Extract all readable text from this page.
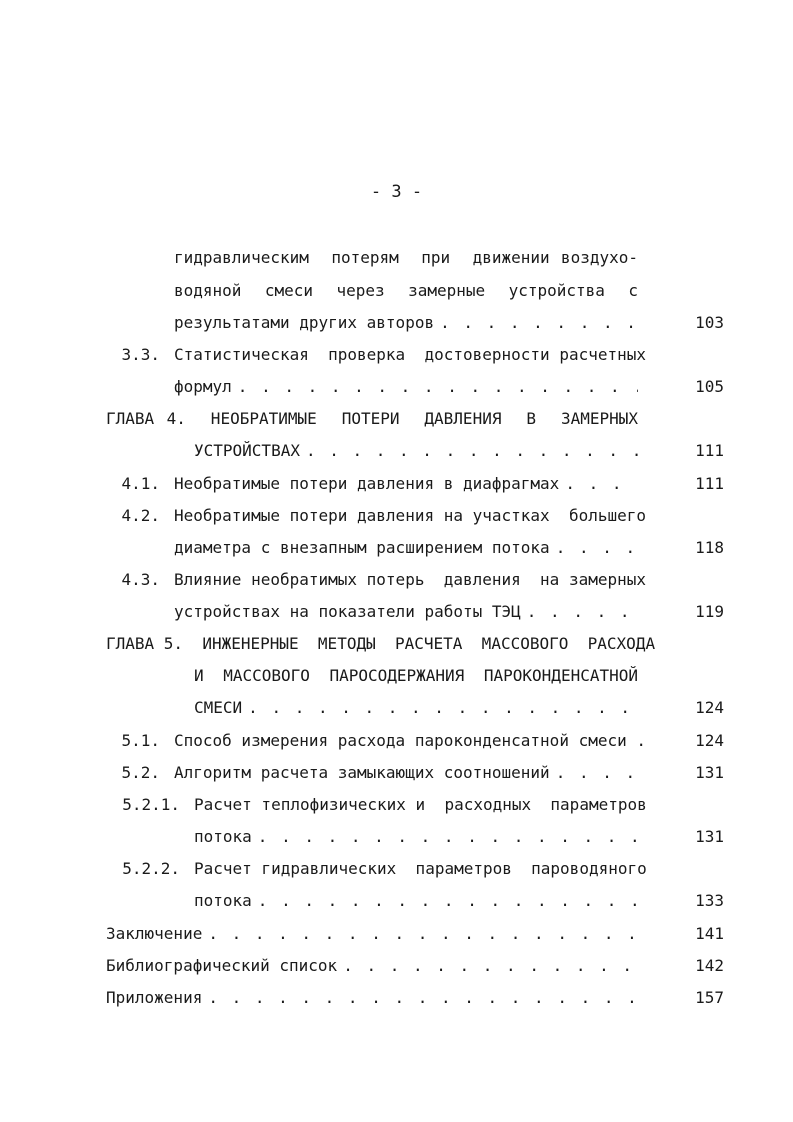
- 3 -
гидравлическим  потерям  при  движении воздухо-
водяной  смеси  через  замерные  устройства  с
результатами других авторов . . .	103
3.3. Статистическая  проверка  достоверности расчетных
формул . . .	105
ГЛАВА 4.  НЕОБРАТИМЫЕ  ПОТЕРИ  ДАВЛЕНИЯ  В  ЗАМЕРНЫХ
УСТРОЙСТВАХ . . .	111
4.1. Необратимые потери давления в диафрагмах . . .	111
4.2. Необратимые потери давления на участках  большего
диаметра с внезапным расширением потока . . .	118
4.3. Влияние необратимых потерь  давления  на замерных
устройствах на показатели работы ТЭЦ . . .	119
ГЛАВА 5.  ИНЖЕНЕРНЫЕ  МЕТОДЫ  РАСЧЕТА  МАССОВОГО  РАСХОДА
И  МАССОВОГО  ПАРОСОДЕРЖАНИЯ  ПАРОКОНДЕНСАТНОЙ
СМЕСИ . . .	124
5.1. Способ измерения расхода пароконденсатной смеси .	124
5.2. Алгоритм расчета замыкающих соотношений . . .	131
5.2.1. Расчет теплофизических и  расходных  параметров
потока . . .	131
5.2.2. Расчет гидравлических  параметров  пароводяного
потока . . .	133
Заключение . . .	141
Библиографический список . . .	142
Приложения . . .	157
